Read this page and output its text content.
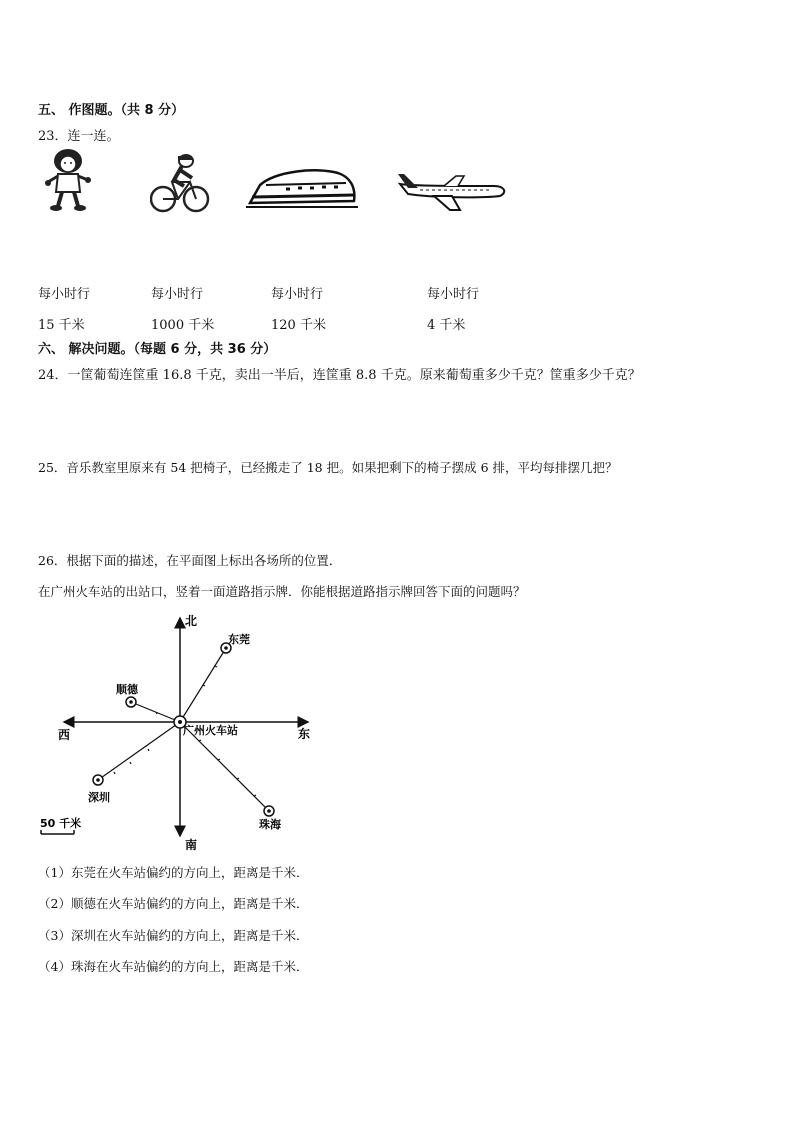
五、 作图题。（共 8 分）
23．连一连。
每小时行
15 千米
每小时行
1000 千米
每小时行
120 千米
每小时行
4 千米
六、 解决问题。（每题 6 分，共 36 分）
24．一筐葡萄连筐重 16.8 千克，卖出一半后，连筐重 8.8 千克。原来葡萄重多少千克？筐重多少千克？
25．音乐教室里原来有 54 把椅子，已经搬走了 18 把。如果把剩下的椅子摆成 6 排，平均每排摆几把？
26．根据下面的描述，在平面图上标出各场所的位置．
在广州火车站的出站口，竖着一面道路指示牌．你能根据道路指示牌回答下面的问题吗？
北
南
东
西	广州火车站
东莞
顺德
深圳
珠海
50 千米
（1）东莞在火车站偏约的方向上，距离是千米．
（2）顺德在火车站偏约的方向上，距离是千米．
（3）深圳在火车站偏约的方向上，距离是千米．
（4）珠海在火车站偏约的方向上，距离是千米．
